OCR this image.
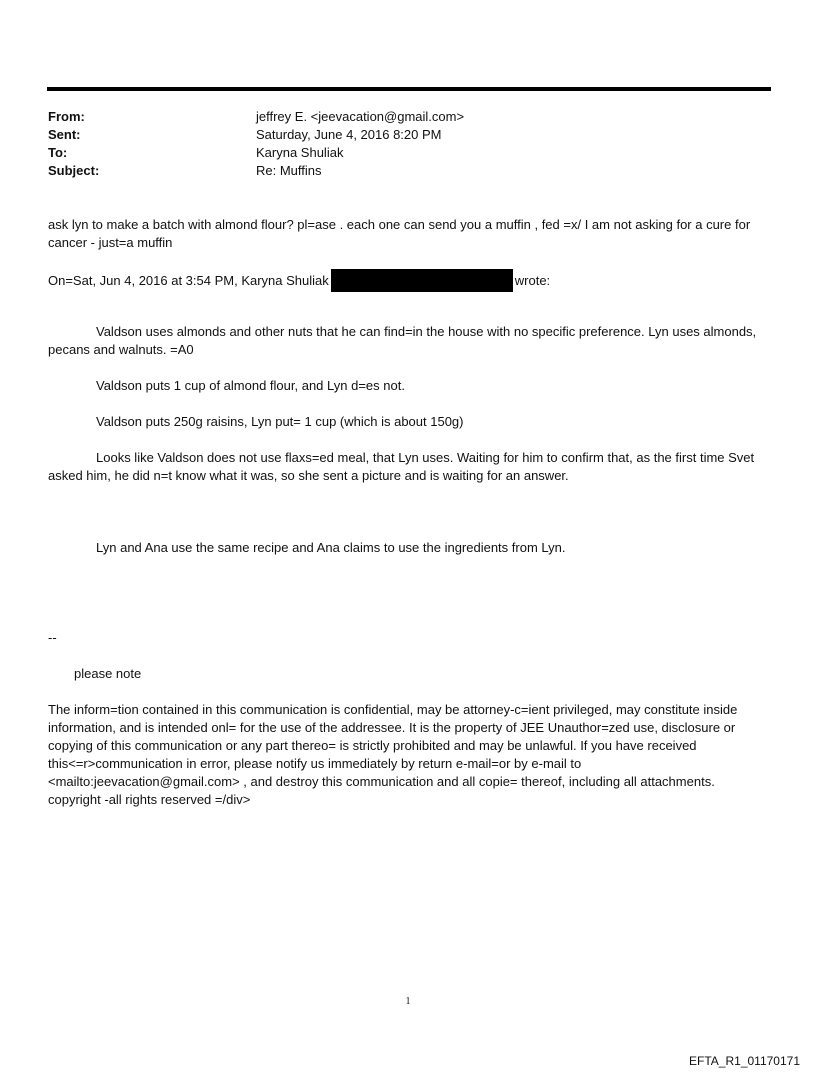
From:	jeffrey E. <jeevacation@gmail.com>
Sent:	Saturday, June 4, 2016 8:20 PM
To:	Karyna Shuliak
Subject:	Re: Muffins

ask lyn to make a batch with almond flour? pl=ase . each one can send you a muffin , fed =x/ I am not asking for a cure for cancer - just=a muffin

On=Sat, Jun 4, 2016 at 3:54 PM, Karyna Shuliak	wrote:

Valdson uses almonds and other nuts that he can find=in the house with no specific preference. Lyn uses almonds, pecans and walnuts. =A0

Valdson puts 1 cup of almond flour, and Lyn d=es not.

Valdson puts 250g raisins, Lyn put= 1 cup (which is about 150g)

Looks like Valdson does not use flaxs=ed meal, that Lyn uses. Waiting for him to confirm that, as the first time Svet asked him, he did n=t know what it was, so she sent a picture and is waiting for an answer.

Lyn and Ana use the same recipe and Ana claims to use the ingredients from Lyn.

--

please note

The inform=tion contained in this communication is confidential, may be attorney-c=ient privileged, may constitute inside information, and is intended onl= for the use of the addressee. It is the property of JEE Unauthor=zed use, disclosure or copying of this communication or any part thereo= is strictly prohibited and may be unlawful. If you have received this<=r>communication in error, please notify us immediately by return e-mail=or by e-mail to <mailto:jeevacation@gmail.com> , and destroy this communication and all copie= thereof, including all attachments. copyright -all rights reserved =/div>

1
EFTA_R1_01170171
